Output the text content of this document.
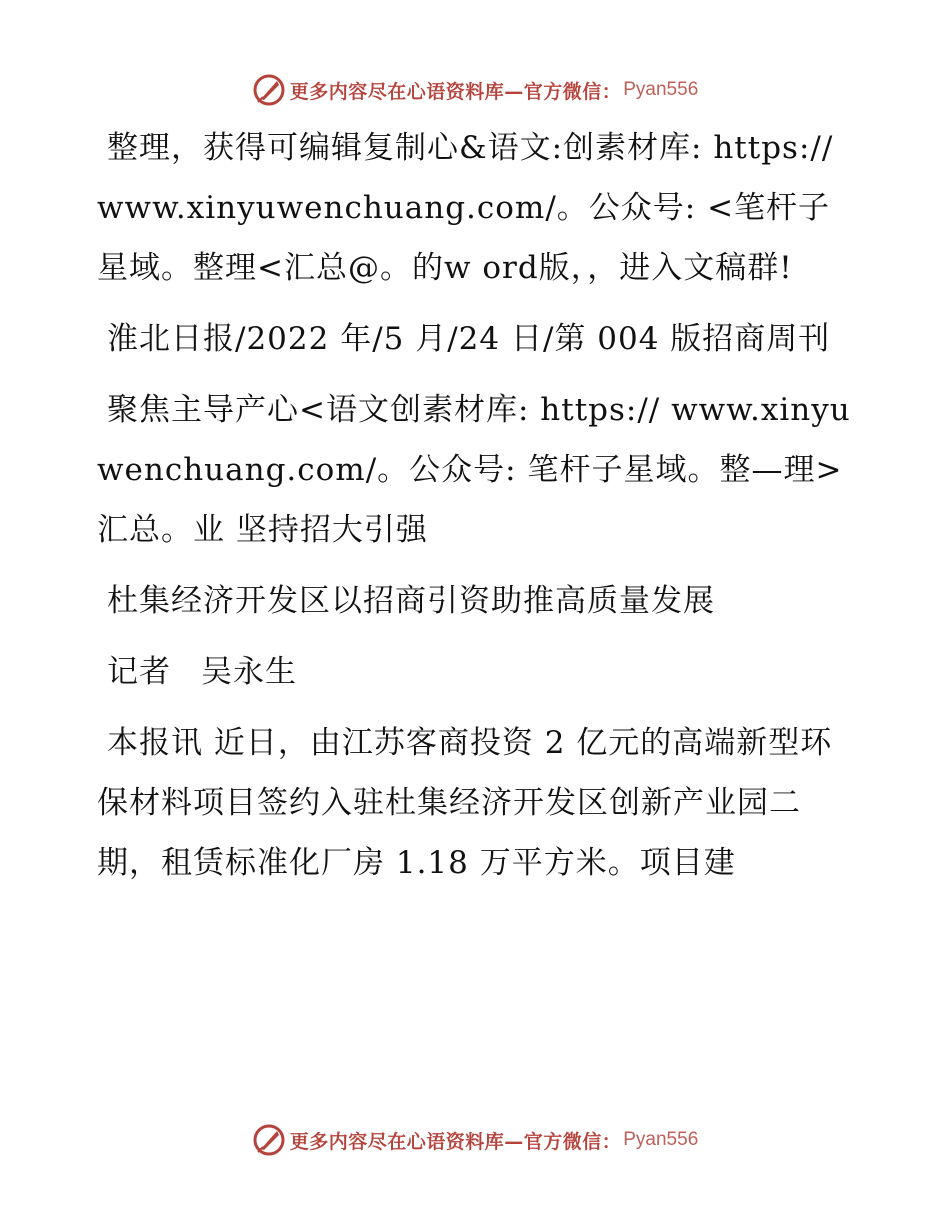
更多内容尽在心语资料库—官方微信： Pyan556

整理，获得可编辑复制心&语文:创素材库: https://www.xinyuwenchuang.com/。公众号: <笔杆子星域。整理<汇总@。的w ord版，，进入文稿群!

淮北日报/2022 年/5 月/24 日/第 004 版招商周刊

聚焦主导产心<语文创素材库: https:// www.xinyuwenchuang.com/。公众号: 笔杆子星域。整—理>汇总。业 坚持招大引强

杜集经济开发区以招商引资助推高质量发展

记者 吴永生

本报讯 近日，由江苏客商投资 2 亿元的高端新型环保材料项目签约入驻杜集经济开发区创新产业园二期，租赁标准化厂房 1.18 万平方米。项目建

更多内容尽在心语资料库—官方微信： Pyan556
